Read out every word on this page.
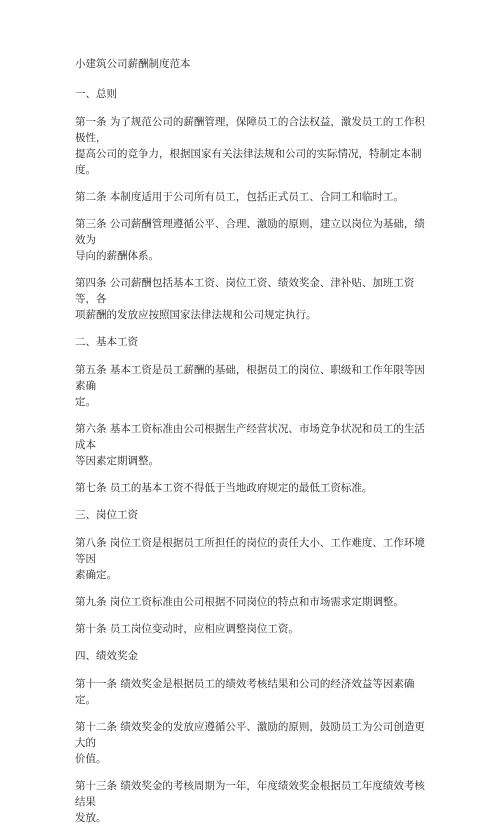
小建筑公司薪酬制度范本
一、总则

第一条 为了规范公司的薪酬管理，保障员工的合法权益，激发员工的工作积极性，
提高公司的竞争力，根据国家有关法律法规和公司的实际情况，特制定本制度。

第二条 本制度适用于公司所有员工，包括正式员工、合同工和临时工。

第三条 公司薪酬管理遵循公平、合理、激励的原则，建立以岗位为基础，绩效为
导向的薪酬体系。

第四条 公司薪酬包括基本工资、岗位工资、绩效奖金、津补贴、加班工资等，各
项薪酬的发放应按照国家法律法规和公司规定执行。

二、基本工资

第五条 基本工资是员工薪酬的基础，根据员工的岗位、职级和工作年限等因素确
定。

第六条 基本工资标准由公司根据生产经营状况、市场竞争状况和员工的生活成本
等因素定期调整。

第七条 员工的基本工资不得低于当地政府规定的最低工资标准。

三、岗位工资

第八条 岗位工资是根据员工所担任的岗位的责任大小、工作难度、工作环境等因
素确定。

第九条 岗位工资标准由公司根据不同岗位的特点和市场需求定期调整。

第十条 员工岗位变动时，应相应调整岗位工资。

四、绩效奖金

第十一条 绩效奖金是根据员工的绩效考核结果和公司的经济效益等因素确定。

第十二条 绩效奖金的发放应遵循公平、激励的原则，鼓励员工为公司创造更大的
价值。

第十三条 绩效奖金的考核周期为一年，年度绩效奖金根据员工年度绩效考核结果
发放。
